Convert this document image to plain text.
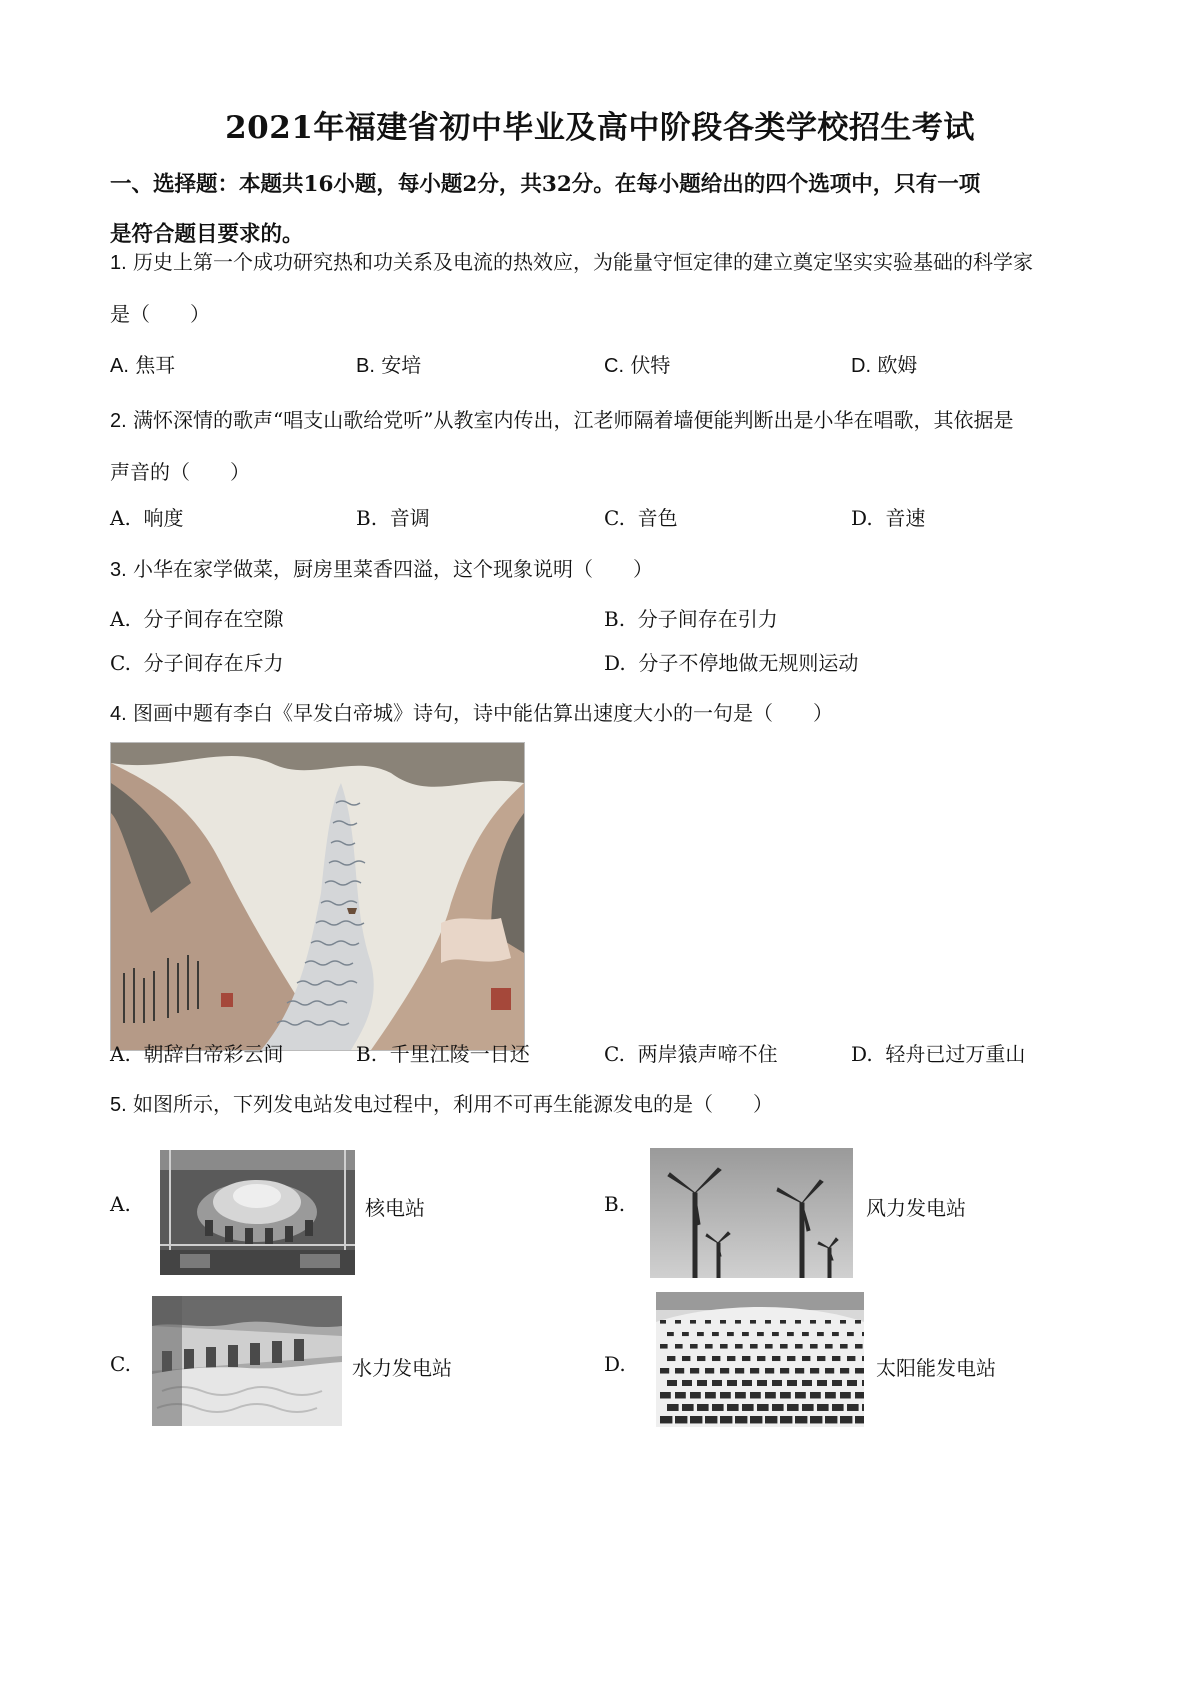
2021年福建省初中毕业及高中阶段各类学校招生考试
一、选择题：本题共16小题，每小题2分，共32分。在每小题给出的四个选项中，只有一项
是符合题目要求的。
1. 历史上第一个成功研究热和功关系及电流的热效应，为能量守恒定律的建立奠定坚实实验基础的科学家
是（　　）
A. 焦耳	B. 安培	C. 伏特	D. 欧姆
2. 满怀深情的歌声“唱支山歌给党听”从教室内传出，江老师隔着墙便能判断出是小华在唱歌，其依据是
声音的（　　）
A. 响度	B. 音调	C. 音色	D. 音速
3. 小华在家学做菜，厨房里菜香四溢，这个现象说明（　　）
A. 分子间存在空隙	B. 分子间存在引力
C. 分子间存在斥力	D. 分子不停地做无规则运动
4. 图画中题有李白《早发白帝城》诗句，诗中能估算出速度大小的一句是（　　）
A. 朝辞白帝彩云间	B. 千里江陵一日还	C. 两岸猿声啼不住	D. 轻舟已过万重山
5. 如图所示，下列发电站发电过程中，利用不可再生能源发电的是（　　）
A.	核电站	B.	风力发电站
C.	水力发电站	D.	太阳能发电站
